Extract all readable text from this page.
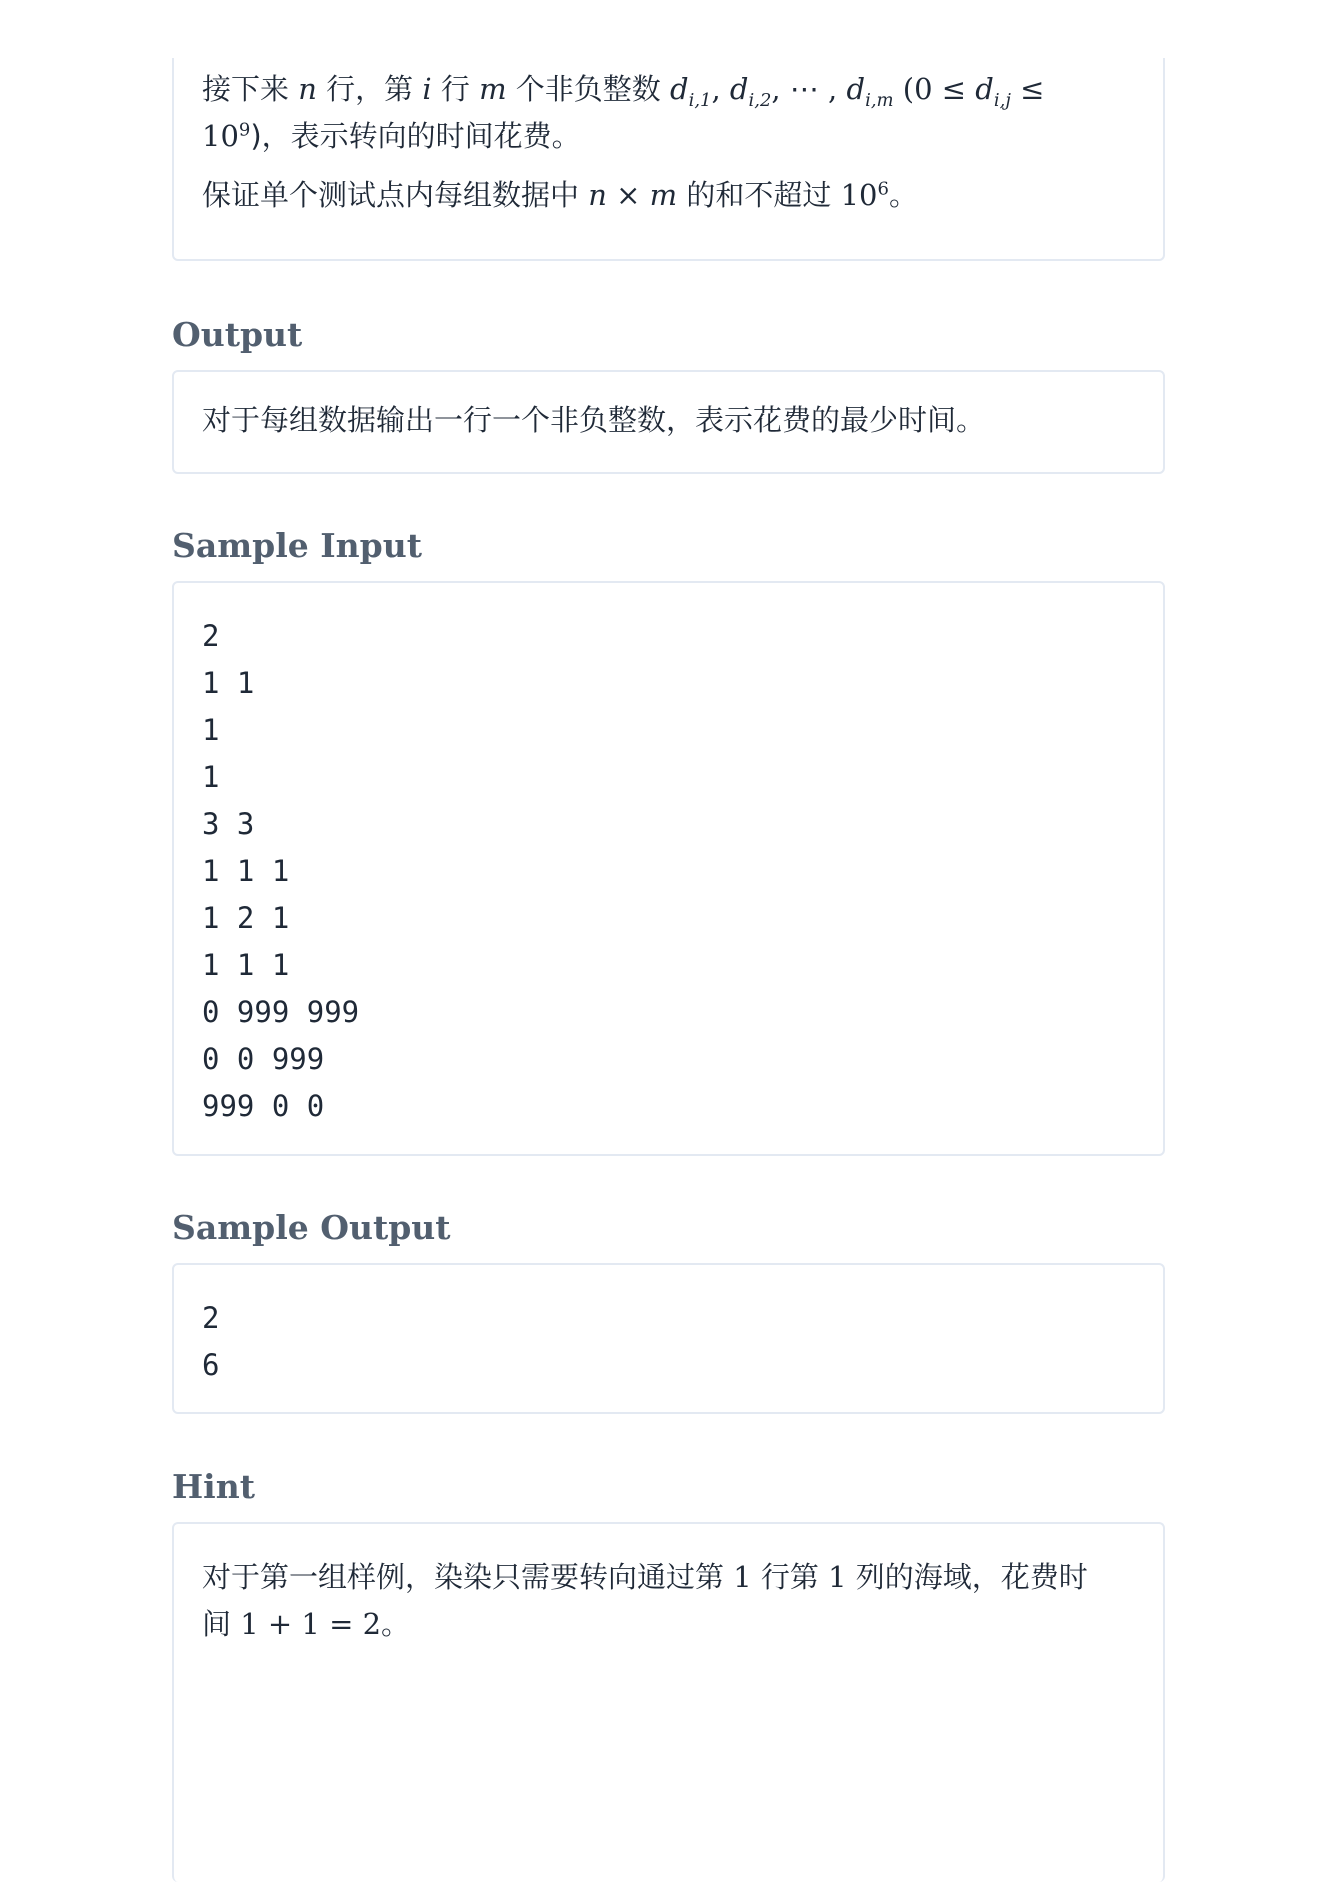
接下来 n 行，第 i 行 m 个非负整数 $d_{i,1}$, $d_{i,2}$, ⋯ , $d_{i,m}$ ($0 \le d_{i,j}$ ≤

$10^9$)，表示转向的时间花费。

保证单个测试点内每组数据中 n × m 的和不超过 $10^6$。

Output

对于每组数据输出一行一个非负整数，表示花费的最少时间。

Sample Input
2
1 1
1
1
3 3
1 1 1
1 2 1
1 1 1
0 999 999
0 0 999
999 0 0
Sample Output
2
6
Hint

对于第一组样例，染染只需要转向通过第 1 行第 1 列的海域，花费时

间 1 + 1 = 2。
